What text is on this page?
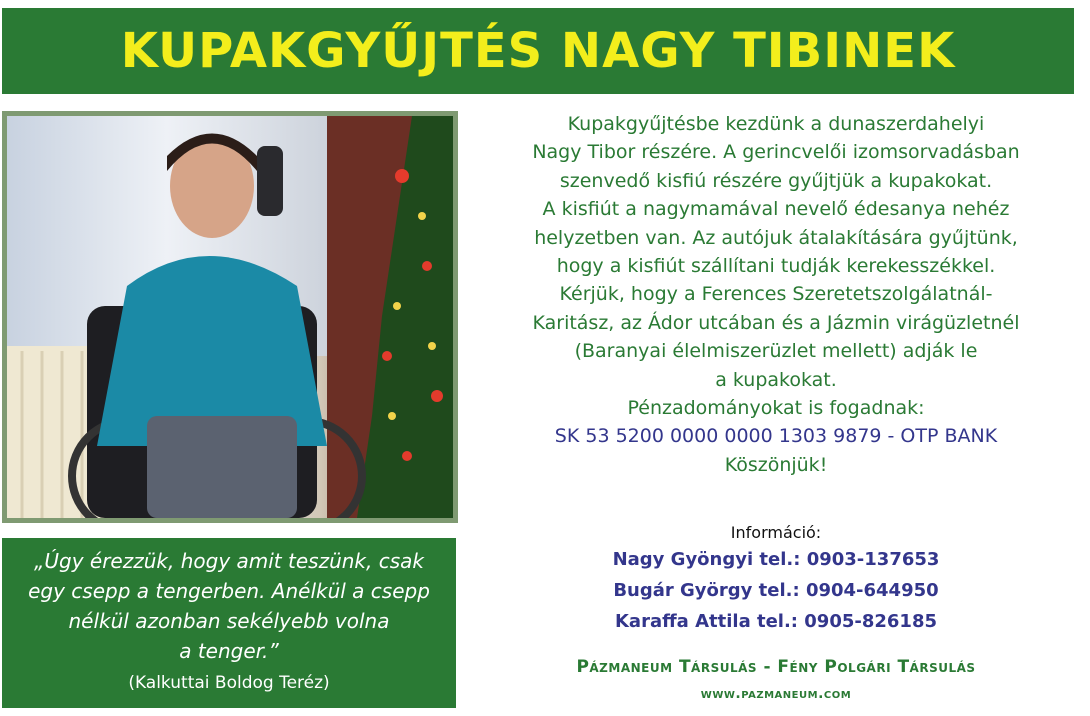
KUPAKGYŰJTÉS NAGY TIBINEK
„Úgy érezzük, hogy amit teszünk, csak
egy csepp a tengerben. Anélkül a csepp
nélkül azonban sekélyebb volna
a tenger.”
(Kalkuttai Boldog Teréz)
Kupakgyűjtésbe kezdünk a dunaszerdahelyi
Nagy Tibor részére. A gerincvelői izomsorvadásban
szenvedő kisfiú részére gyűjtjük a kupakokat.
A kisfiút a nagymamával nevelő édesanya nehéz
helyzetben van. Az autójuk átalakítására gyűjtünk,
hogy a kisfiút szállítani tudják kerekesszékkel.
Kérjük, hogy a Ferences Szeretetszolgálatnál-
Karitász, az Ádor utcában és a Jázmin virágüzletnél
(Baranyai élelmiszerüzlet mellett) adják le
a kupakokat.
Pénzadományokat is fogadnak:
SK 53 5200 0000 0000 1303 9879 - OTP BANK
Köszönjük!
Információ:
Nagy Gyöngyi tel.: 0903-137653
Bugár György tel.: 0904-644950
Karaffa Attila tel.: 0905-826185
Pázmaneum Társulás - Fény Polgári Társulás
www.pazmaneum.com
